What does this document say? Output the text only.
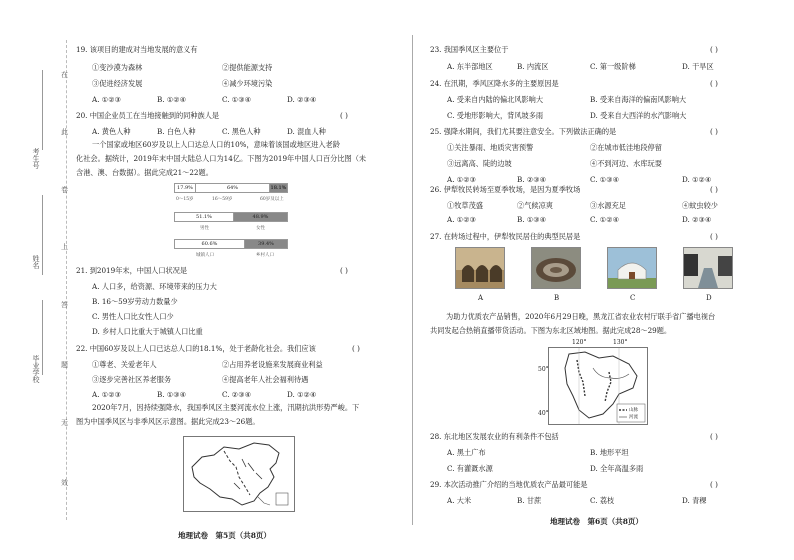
考生号
姓名
毕业学校
在
此
卷
上
答
题
无
效
19. 该项目的建成对当地发展的意义有
①变沙漠为森林	②提供能源支持
③促进经济发展	④减少环境污染
A. ①②③	B. ①②④	C. ①③④	D. ②③④
20. 中国企业员工在当地接触到的同种族人是	( )
A. 黄色人种	B. 白色人种	C. 黑色人种	D. 混血人种
一个国家或地区60岁及以上人口达总人口的10%，意味着该国或地区进入老龄
化社会。据统计，2019年末中国大陆总人口为14亿。下图为2019年中国人口百分比图（未
含港、澳、台数据）。据此完成21～22题。
17.9%	64%	18.1%
0～15岁	16～59岁	60岁及以上
51.1%	48.9%
男性	女性
60.6%	39.4%
城镇人口	乡村人口
21. 到2019年末，中国人口状况是	( )
A. 人口多，给资源、环境带来的压力大
B. 16～59岁劳动力数量少
C. 男性人口比女性人口少
D. 乡村人口比重大于城镇人口比重
22. 中国60岁及以上人口已达总人口的18.1%，处于老龄化社会。我们应该	( )
①尊老、关爱老年人	②占用养老设施来发展商业利益
③逐步完善社区养老服务	④提高老年人社会福利待遇
A. ①②③	B. ①③④	C. ②③④	D. ①②④
2020年7月，因持续强降水，我国季风区主要河流水位上涨，汛期抗洪形势严峻。下
图为中国季风区与非季风区示意图。据此完成23～26题。
地理试卷　第5页（共8页）
23. 我国季风区主要位于	( )
A. 东半部地区	B. 内流区	C. 第一级阶梯	D. 干旱区
24. 在汛期，季风区降水多的主要原因是	( )
A. 受来自内陆的偏北风影响大	B. 受来自海洋的偏南风影响大
C. 受地形影响大，背风坡多雨	D. 受来自大西洋的水汽影响大
25. 强降水期间，我们尤其要注意安全。下列做法正确的是	( )
①关注暴雨、地质灾害预警	②在城市低洼地段停留
③远离高、陡的边坡	④不到河边、水库玩耍
A. ①②③	B. ②③④	C. ①③④	D. ①②④
26. 伊犁牧民转场至夏季牧场，是因为夏季牧场	( )
①牧草茂盛	②气候凉爽	③水源充足	④蚊虫较少
A. ①②③	B. ①③④	C. ①②④	D. ②③④
27. 在转场过程中，伊犁牧民居住的典型民居是	( )
A	B	C	D
为助力优质农产品销售，2020年6月29日晚，黑龙江省农业农村厅联手省广播电视台
共同发起合热销直播带货活动。下图为东北区域地图。据此完成28～29题。
山脉
河流
120°	130°
50°
40°
28. 东北地区发展农业的有利条件不包括	( )
A. 黑土广布	B. 地形平坦
C. 有灌溉水源	D. 全年高温多雨
29. 本次活动推广介绍的当地优质农产品最可能是	( )
A. 大米	B. 甘蔗	C. 荔枝	D. 青稞
地理试卷　第6页（共8页）
